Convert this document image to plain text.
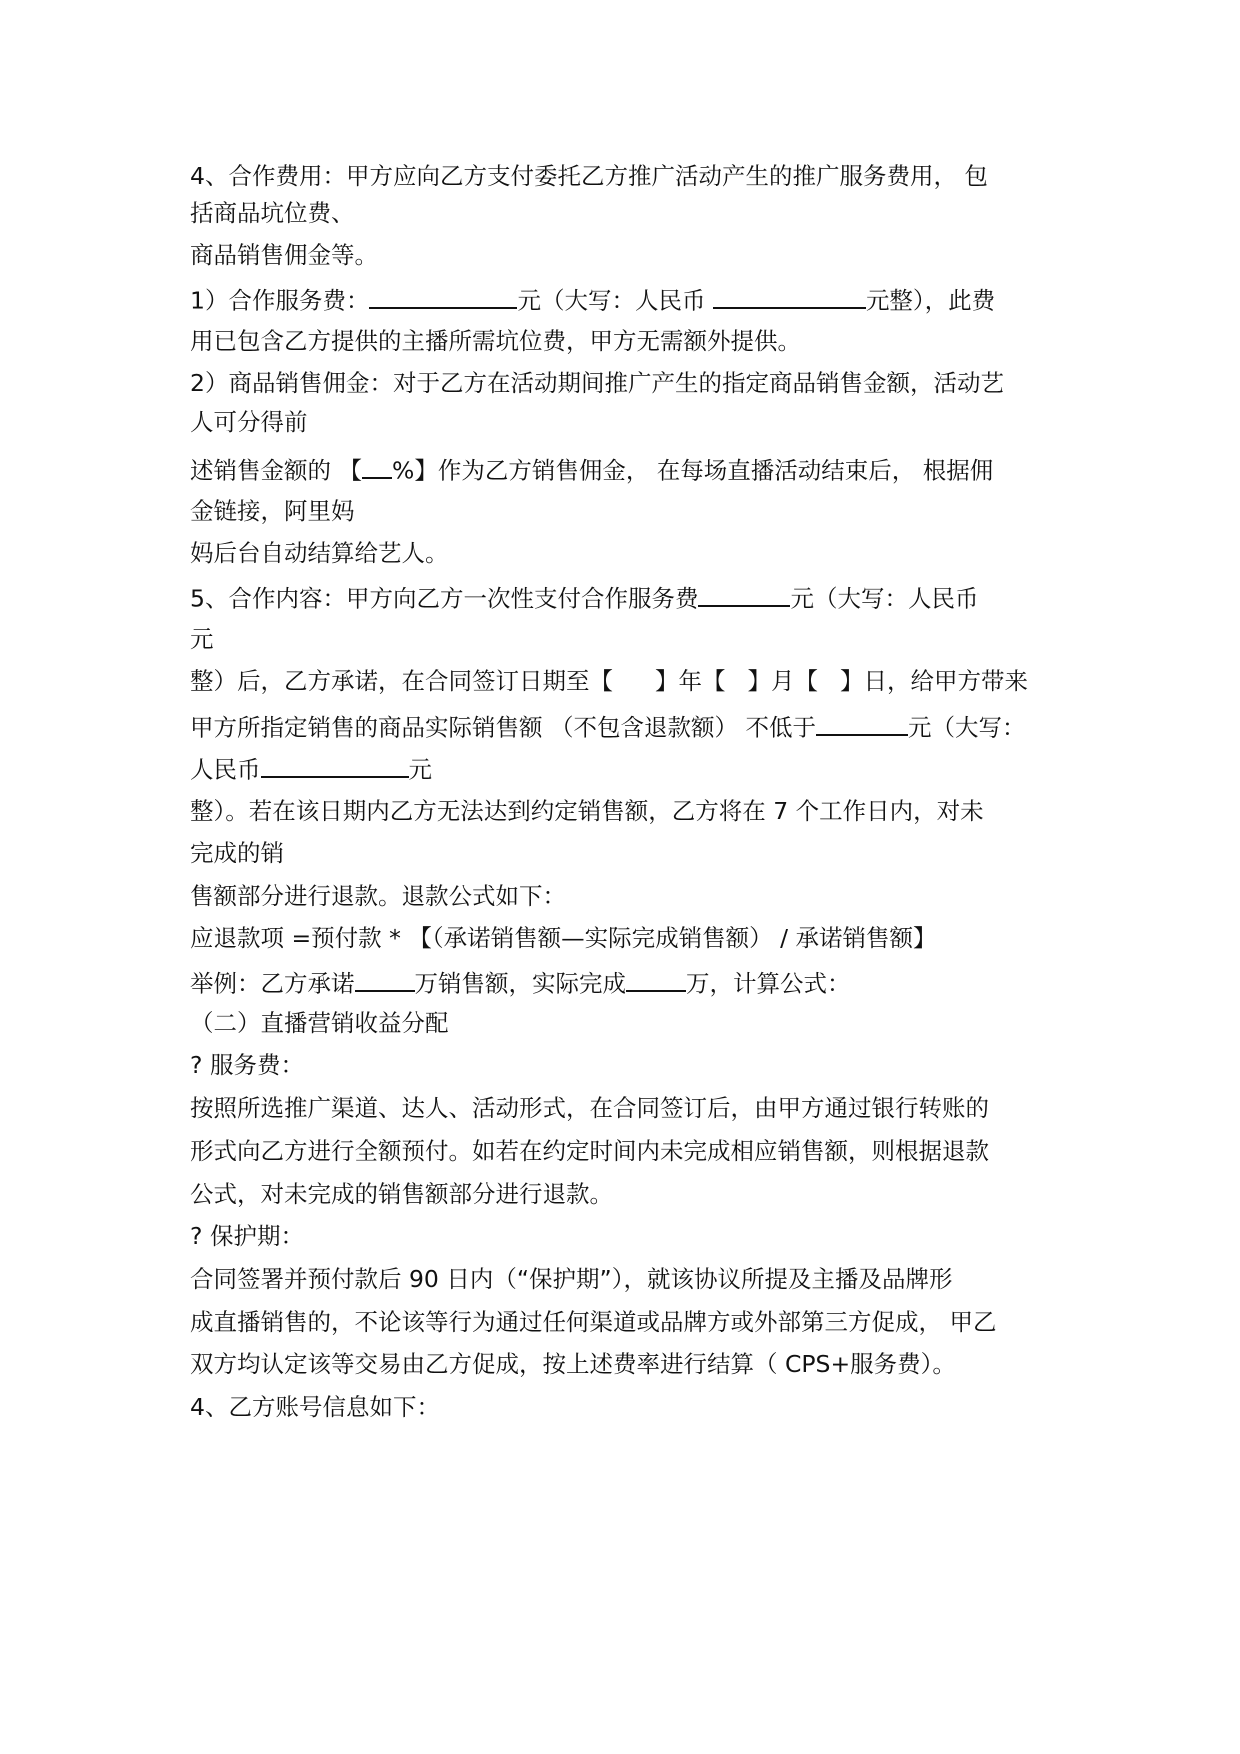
4、合作费用：甲方应向乙方支付委托乙方推广活动产生的推广服务费用， 包
括商品坑位费、
商品销售佣金等。
1）合作服务费：	元（大写：人民币	元整），此费
用已包含乙方提供的主播所需坑位费，甲方无需额外提供。
2）商品销售佣金：对于乙方在活动期间推广产生的指定商品销售金额，活动艺
人可分得前
述销售金额的 【 %】作为乙方销售佣金， 在每场直播活动结束后， 根据佣
金链接，阿里妈
妈后台自动结算给艺人。
5、合作内容：甲方向乙方一次性支付合作服务费	元（大写：人民币
元
整）后，乙方承诺，在合同签订日期至【 】年【 】月【 】日，给甲方带来
甲方所指定销售的商品实际销售额 （不包含退款额） 不低于	元（大写：
人民币	元
整）。若在该日期内乙方无法达到约定销售额，乙方将在 7 个工作日内，对未
完成的销
售额部分进行退款。退款公式如下：
应退款项 =预付款 * 【（承诺销售额—实际完成销售额） / 承诺销售额】
举例：乙方承诺	万销售额，实际完成	万，计算公式：
（二）直播营销收益分配
? 服务费：
按照所选推广渠道、达人、活动形式，在合同签订后，由甲方通过银行转账的
形式向乙方进行全额预付。如若在约定时间内未完成相应销售额，则根据退款
公式，对未完成的销售额部分进行退款。
? 保护期：
合同签署并预付款后 90 日内（“保护期”），就该协议所提及主播及品牌形
成直播销售的，不论该等行为通过任何渠道或品牌方或外部第三方促成， 甲乙
双方均认定该等交易由乙方促成，按上述费率进行结算（ CPS+服务费）。
4、乙方账号信息如下：
